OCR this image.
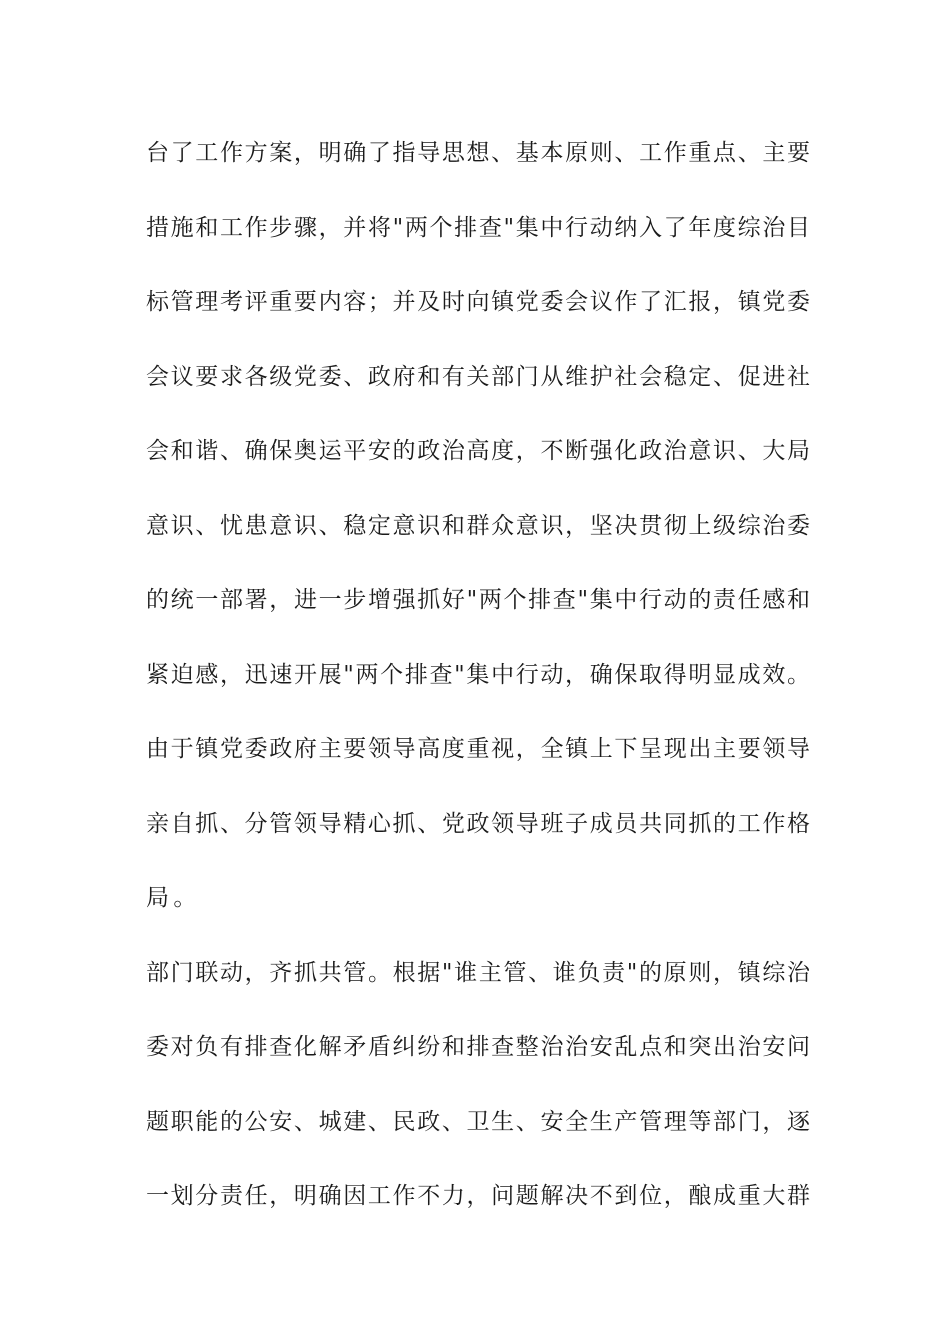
台了工作方案，明确了指导思想、基本原则、工作重点、主要
措施和工作步骤，并将"两个排查"集中行动纳入了年度综治目
标管理考评重要内容；并及时向镇党委会议作了汇报，镇党委
会议要求各级党委、政府和有关部门从维护社会稳定、促进社
会和谐、确保奥运平安的政治高度，不断强化政治意识、大局
意识、忧患意识、稳定意识和群众意识，坚决贯彻上级综治委
的统一部署，进一步增强抓好"两个排查"集中行动的责任感和
紧迫感，迅速开展"两个排查"集中行动，确保取得明显成效。
由于镇党委政府主要领导高度重视，全镇上下呈现出主要领导
亲自抓、分管领导精心抓、党政领导班子成员共同抓的工作格
局。
部门联动，齐抓共管。根据"谁主管、谁负责"的原则，镇综治
委对负有排查化解矛盾纠纷和排查整治治安乱点和突出治安问
题职能的公安、城建、民政、卫生、安全生产管理等部门，逐
一划分责任，明确因工作不力，问题解决不到位，酿成重大群
